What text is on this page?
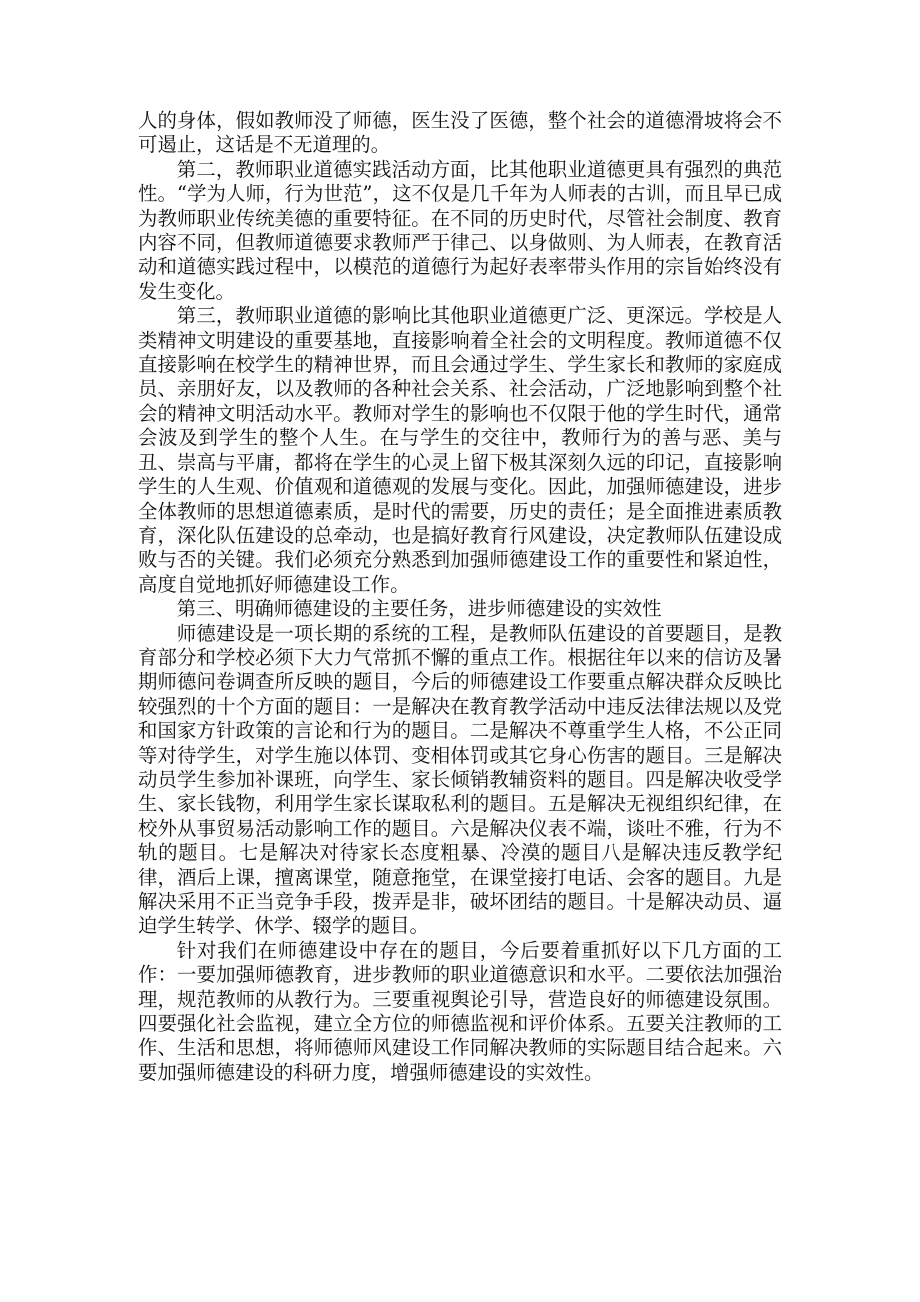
人的身体，假如教师没了师德，医生没了医德，整个社会的道德滑坡将会不可遏止，这话是不无道理的。

第二，教师职业道德实践活动方面，比其他职业道德更具有强烈的典范性。“学为人师，行为世范”，这不仅是几千年为人师表的古训，而且早已成为教师职业传统美德的重要特征。在不同的历史时代，尽管社会制度、教育内容不同，但教师道德要求教师严于律己、以身做则、为人师表，在教育活动和道德实践过程中，以模范的道德行为起好表率带头作用的宗旨始终没有发生变化。

第三，教师职业道德的影响比其他职业道德更广泛、更深远。学校是人类精神文明建设的重要基地，直接影响着全社会的文明程度。教师道德不仅直接影响在校学生的精神世界，而且会通过学生、学生家长和教师的家庭成员、亲朋好友，以及教师的各种社会关系、社会活动，广泛地影响到整个社会的精神文明活动水平。教师对学生的影响也不仅限于他的学生时代，通常会波及到学生的整个人生。在与学生的交往中，教师行为的善与恶、美与丑、崇高与平庸，都将在学生的心灵上留下极其深刻久远的印记，直接影响学生的人生观、价值观和道德观的发展与变化。因此，加强师德建设，进步全体教师的思想道德素质，是时代的需要，历史的责任；是全面推进素质教育，深化队伍建设的总牵动，也是搞好教育行风建设，决定教师队伍建设成败与否的关键。我们必须充分熟悉到加强师德建设工作的重要性和紧迫性，高度自觉地抓好师德建设工作。

第三、明确师德建设的主要任务，进步师德建设的实效性

师德建设是一项长期的系统的工程，是教师队伍建设的首要题目，是教育部分和学校必须下大力气常抓不懈的重点工作。根据往年以来的信访及暑期师德问卷调查所反映的题目，今后的师德建设工作要重点解决群众反映比较强烈的十个方面的题目：一是解决在教育教学活动中违反法律法规以及党和国家方针政策的言论和行为的题目。二是解决不尊重学生人格，不公正同等对待学生，对学生施以体罚、变相体罚或其它身心伤害的题目。三是解决动员学生参加补课班，向学生、家长倾销教辅资料的题目。四是解决收受学生、家长钱物，利用学生家长谋取私利的题目。五是解决无视组织纪律，在校外从事贸易活动影响工作的题目。六是解决仪表不端，谈吐不雅，行为不轨的题目。七是解决对待家长态度粗暴、冷漠的题目八是解决违反教学纪律，酒后上课，擅离课堂，随意拖堂，在课堂接打电话、会客的题目。九是解决采用不正当竞争手段，拨弄是非，破坏团结的题目。十是解决动员、逼迫学生转学、休学、辍学的题目。

针对我们在师德建设中存在的题目，今后要着重抓好以下几方面的工作：一要加强师德教育，进步教师的职业道德意识和水平。二要依法加强治理，规范教师的从教行为。三要重视舆论引导，营造良好的师德建设氛围。四要强化社会监视，建立全方位的师德监视和评价体系。五要关注教师的工作、生活和思想，将师德师风建设工作同解决教师的实际题目结合起来。六要加强师德建设的科研力度，增强师德建设的实效性。
